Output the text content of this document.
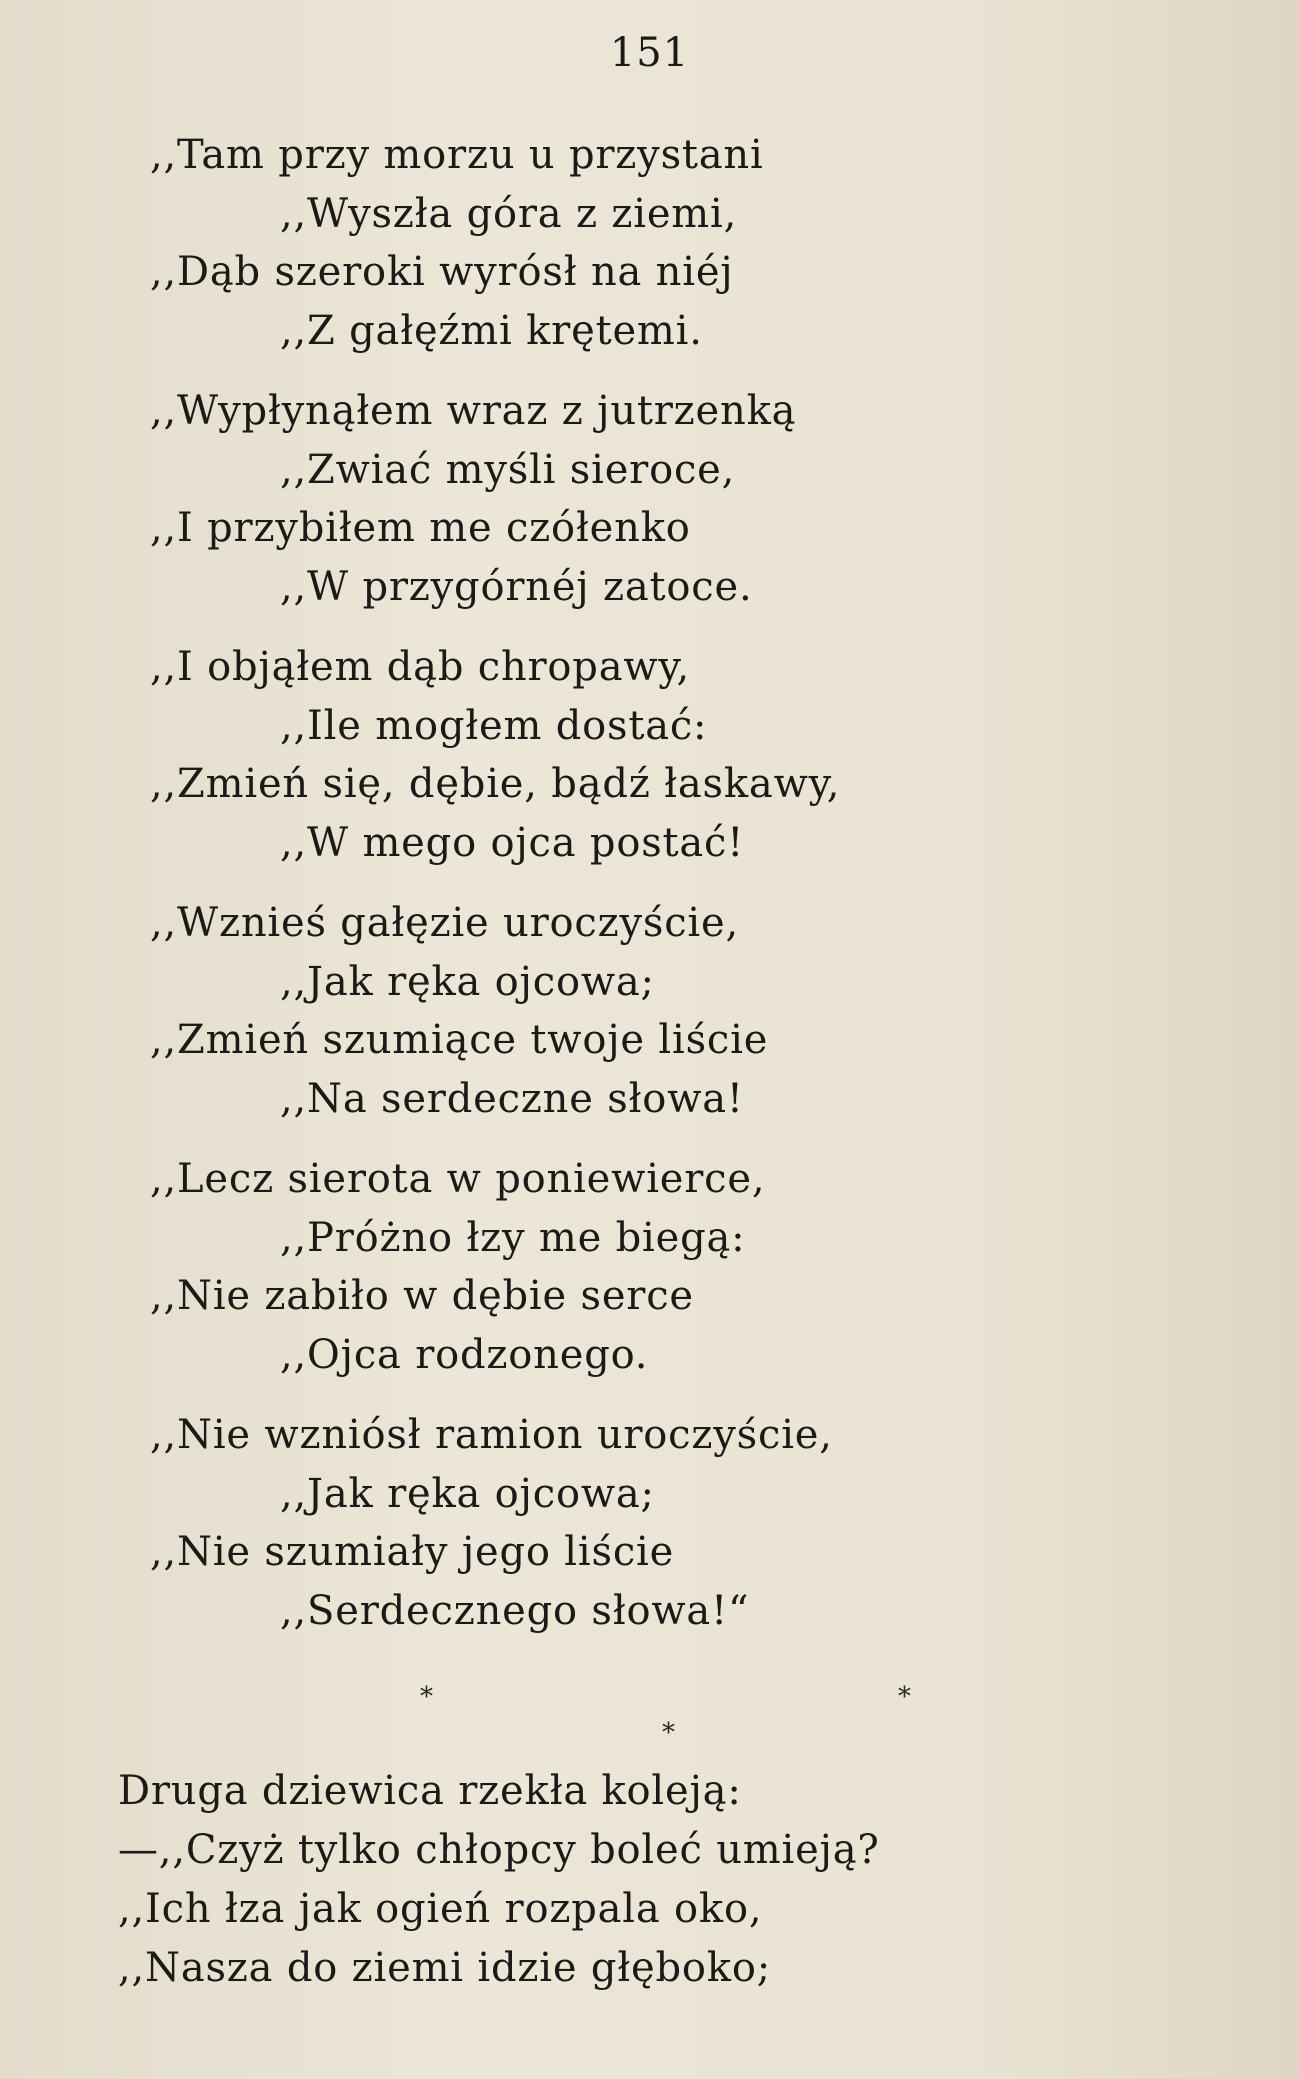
151
,,Tam przy morzu u przystani
,,Wyszła góra z ziemi,
,,Dąb szeroki wyrósł na niéj
,,Z gałęźmi krętemi.
,,Wypłynąłem wraz z jutrzenką
,,Zwiać myśli sieroce,
,,I przybiłem me czółenko
,,W przygórnéj zatoce.
,,I objąłem dąb chropawy,
,,Ile mogłem dostać:
,,Zmień się, dębie, bądź łaskawy,
,,W mego ojca postać!
,,Wznieś gałęzie uroczyście,
,,Jak ręka ojcowa;
,,Zmień szumiące twoje liście
,,Na serdeczne słowa!
,,Lecz sierota w poniewierce,
,,Próżno łzy me biegą:
,,Nie zabiło w dębie serce
,,Ojca rodzonego.
,,Nie wzniósł ramion uroczyście,
,,Jak ręka ojcowa;
,,Nie szumiały jego liście
,,Serdecznego słowa!“
*	*
*
Druga dziewica rzekła koleją:
—,,Czyż tylko chłopcy boleć umieją?
,,Ich łza jak ogień rozpala oko,
,,Nasza do ziemi idzie głęboko;
